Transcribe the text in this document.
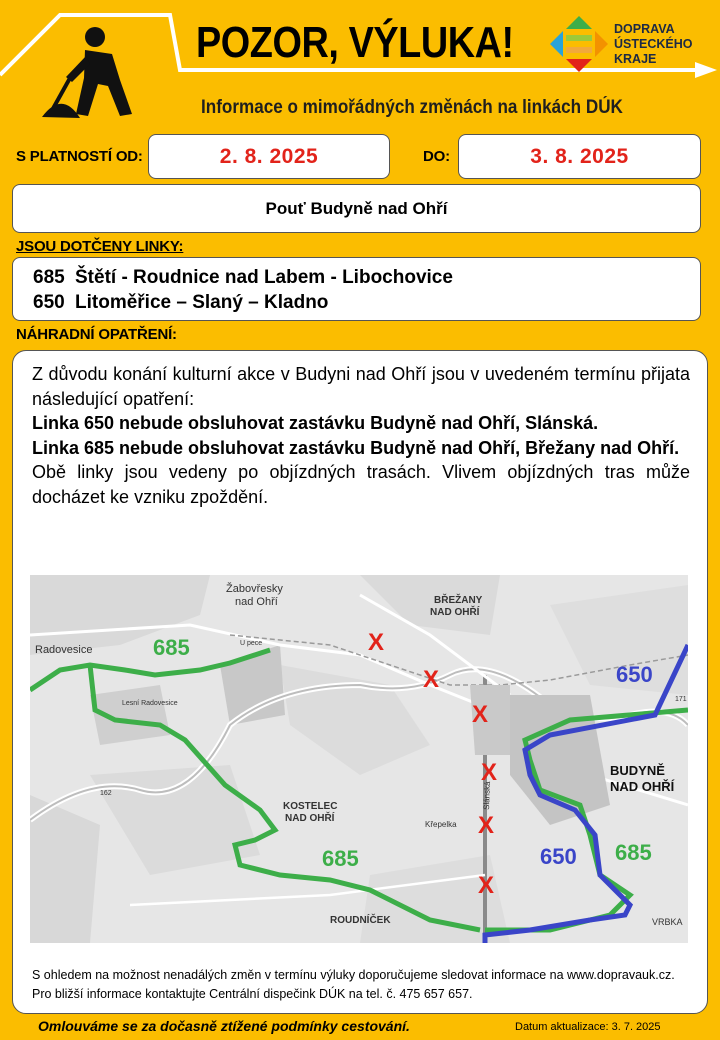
POZOR, VÝLUKA!
Informace o mimořádných změnách na linkách DÚK
DOPRAVA
ÚSTECKÉHO
KRAJE
S PLATNOSTÍ OD:	2. 8. 2025	DO:	3. 8. 2025
Pouť Budyně nad Ohří
JSOU DOTČENY LINKY:
685 Štětí - Roudnice nad Labem - Libochovice
650 Litoměřice – Slaný – Kladno
NÁHRADNÍ OPATŘENÍ:

Z důvodu konání kulturní akce v Budyni nad Ohří jsou v uvedeném termínu přijata následující opatření:

Linka 650 nebude obsluhovat zastávku Budyně nad Ohří, Slánská.

Linka 685 nebude obsluhovat zastávku Budyně nad Ohří, Břežany nad Ohří.

Obě linky jsou vedeny po objízdných trasách. Vlivem objízdných tras může docházet ke vzniku zpoždění.

X
X
X
X
X
X
685
650
685	650 685
Radovesice
Žabovřesky
nad Ohří	BŘEŽANY
NAD OHŘÍ
BUDYNĚ
NAD OHŘÍ
KOSTELEC
NAD OHŘÍ
ROUDNÍČEK	VRBKA
Křepelka
Slánská
Lesní Radovesice
U pece
162
171
S ohledem na možnost nenadálých změn v termínu výluky doporučujeme sledovat informace na www.dopravauk.cz. Pro bližší informace kontaktujte Centrální dispečink DÚK na tel. č. 475 657 657.
Omlouváme se za dočasně ztížené podmínky cestování.	Datum aktualizace: 3. 7. 2025
